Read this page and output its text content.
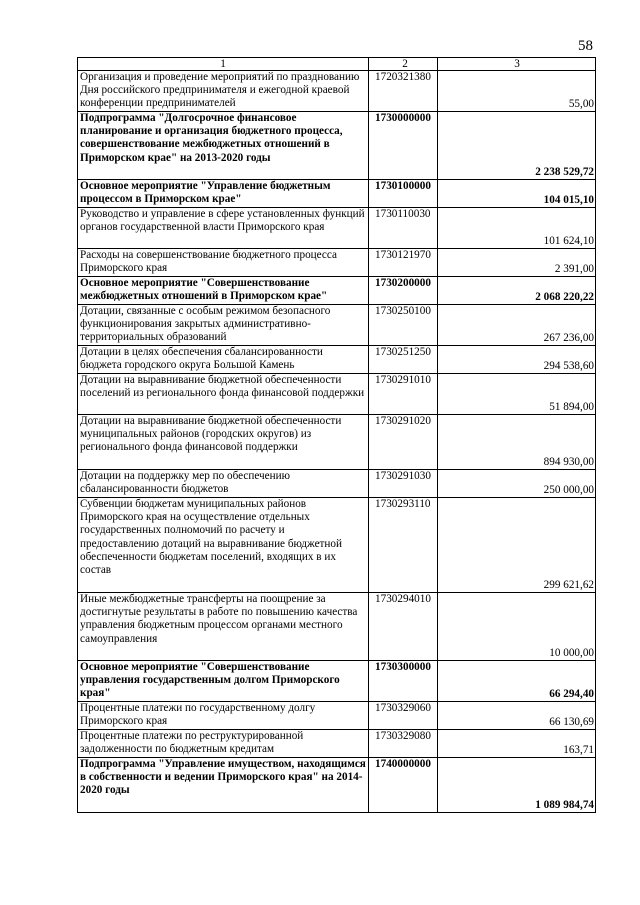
58
1	2	3
Организация и проведение мероприятий по празднованию Дня российского предпринимателя и ежегодной краевой конференции предпринимателей	1720321380	55,00
Подпрограмма "Долгосрочное финансовое планирование и организация бюджетного процесса, совершенствование межбюджетных отношений в Приморском крае" на 2013-2020 годы	1730000000	2 238 529,72
Основное мероприятие "Управление бюджетным процессом в Приморском крае"	1730100000	104 015,10
Руководство и управление в сфере установленных функций органов государственной власти Приморского края	1730110030	101 624,10
Расходы на совершенствование бюджетного процесса Приморского края	1730121970	2 391,00
Основное мероприятие "Совершенствование межбюджетных отношений в Приморском крае"	1730200000	2 068 220,22
Дотации, связанные с особым режимом безопасного функционирования закрытых административно-территориальных образований	1730250100	267 236,00
Дотации в целях обеспечения сбалансированности бюджета городского округа Большой Камень	1730251250	294 538,60
Дотации на выравнивание бюджетной обеспеченности поселений из регионального фонда финансовой поддержки	1730291010	51 894,00
Дотации на выравнивание бюджетной обеспеченности муниципальных районов (городских округов) из регионального фонда финансовой поддержки	1730291020	894 930,00
Дотации на поддержку мер по обеспечению сбалансированности бюджетов	1730291030	250 000,00
Субвенции бюджетам муниципальных районов Приморского края на осуществление отдельных государственных полномочий по расчету и предоставлению дотаций на выравнивание бюджетной обеспеченности бюджетам поселений, входящих в их состав	1730293110	299 621,62
Иные межбюджетные трансферты на поощрение за достигнутые результаты в работе по повышению качества управления бюджетным процессом органами местного самоуправления	1730294010	10 000,00
Основное мероприятие "Совершенствование управления государственным долгом Приморского края"	1730300000	66 294,40
Процентные платежи по государственному долгу Приморского края	1730329060	66 130,69
Процентные платежи по реструктурированной задолженности по бюджетным кредитам	1730329080	163,71
Подпрограмма "Управление имуществом, находящимся в собственности и ведении Приморского края" на 2014-2020 годы	1740000000	1 089 984,74
